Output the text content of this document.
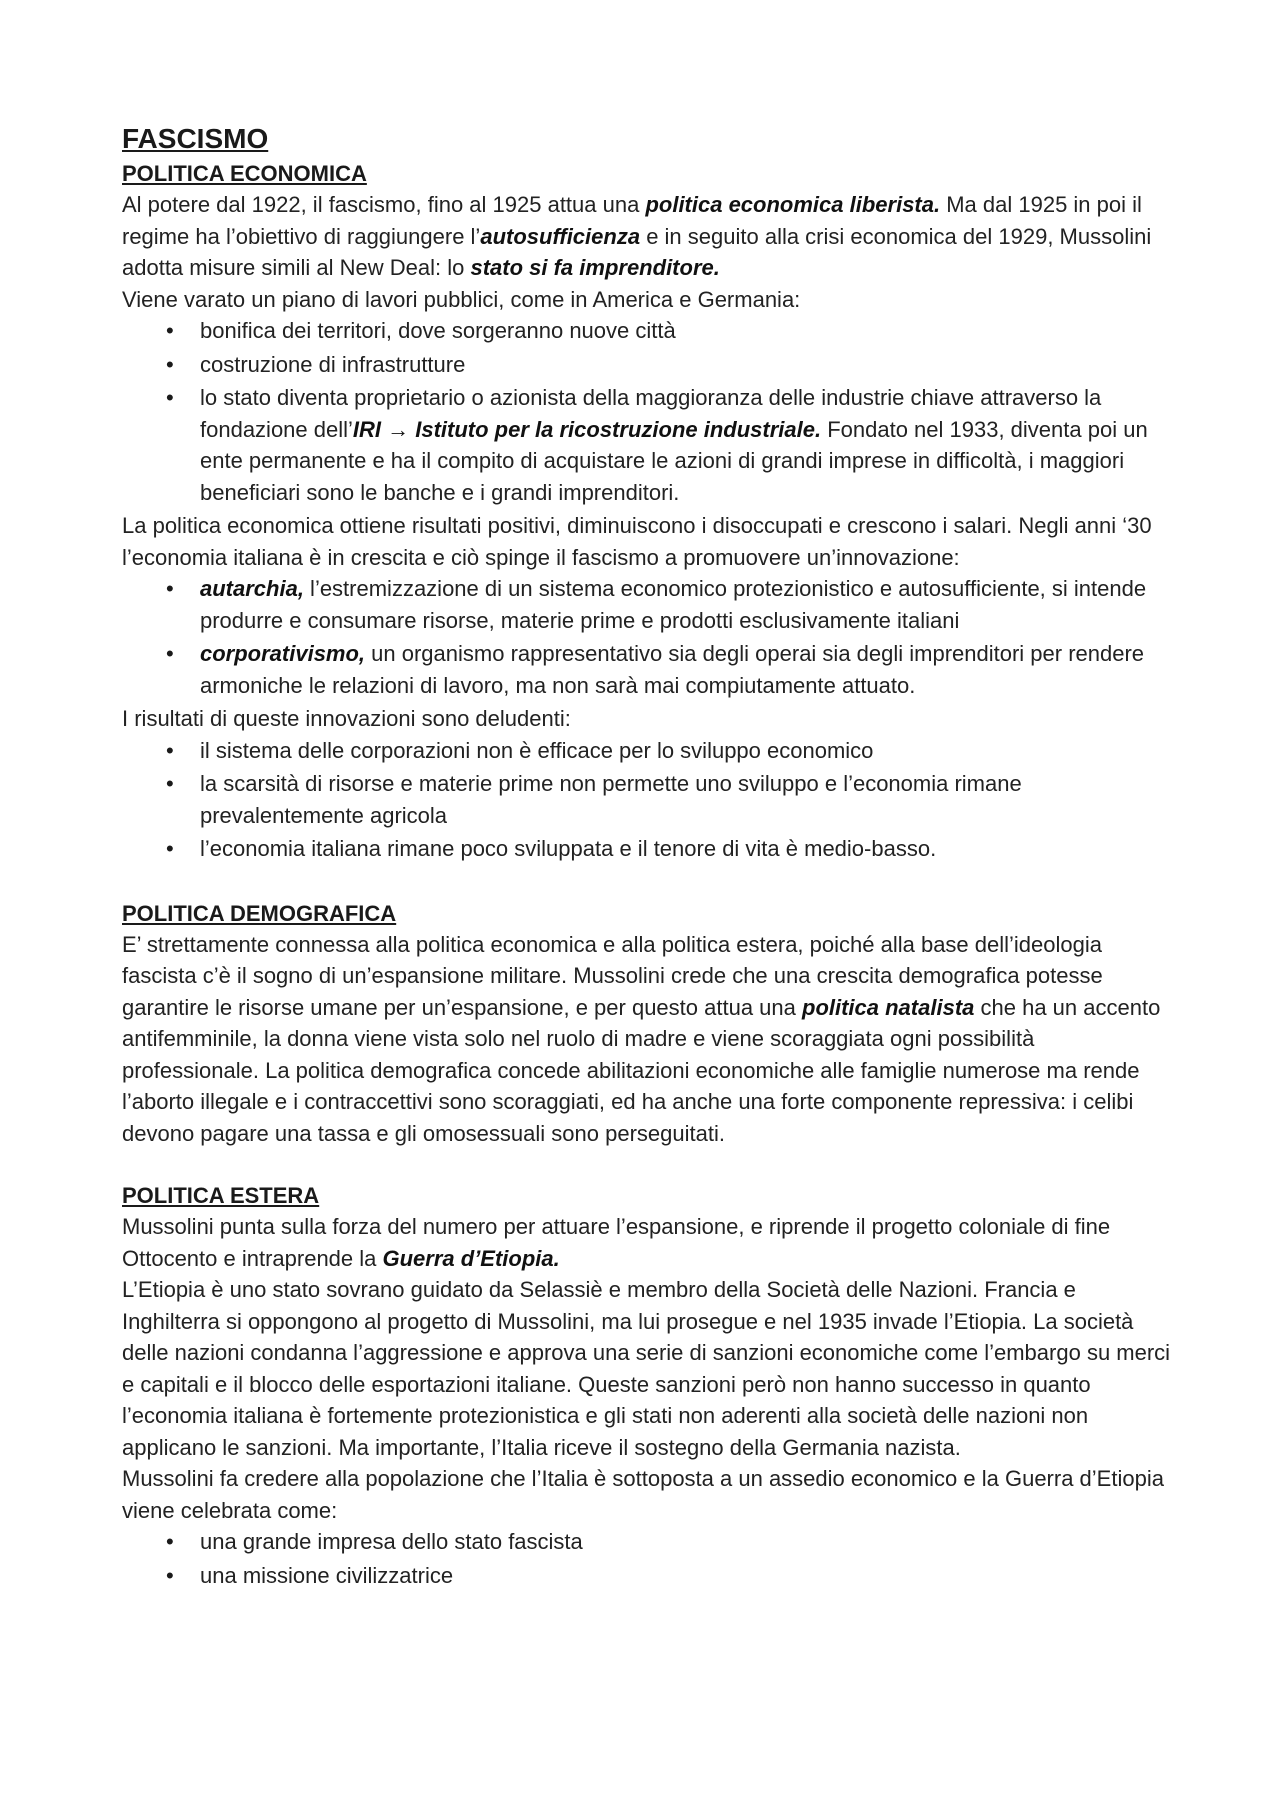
FASCISMO
POLITICA ECONOMICA

Al potere dal 1922, il fascismo, fino al 1925 attua una politica economica liberista. Ma dal 1925 in poi il regime ha l’obiettivo di raggiungere l’autosufficienza e in seguito alla crisi economica del 1929, Mussolini adotta misure simili al New Deal: lo stato si fa imprenditore.

Viene varato un piano di lavori pubblici, come in America e Germania:

• bonifica dei territori, dove sorgeranno nuove città
• costruzione di infrastrutture
• lo stato diventa proprietario o azionista della maggioranza delle industrie chiave attraverso la fondazione dell’IRI → Istituto per la ricostruzione industriale. Fondato nel 1933, diventa poi un ente permanente e ha il compito di acquistare le azioni di grandi imprese in difficoltà, i maggiori beneficiari sono le banche e i grandi imprenditori.

La politica economica ottiene risultati positivi, diminuiscono i disoccupati e crescono i salari. Negli anni ‘30 l’economia italiana è in crescita e ciò spinge il fascismo a promuovere un’innovazione:

• autarchia, l’estremizzazione di un sistema economico protezionistico e autosufficiente, si intende produrre e consumare risorse, materie prime e prodotti esclusivamente italiani
• corporativismo, un organismo rappresentativo sia degli operai sia degli imprenditori per rendere armoniche le relazioni di lavoro, ma non sarà mai compiutamente attuato.

I risultati di queste innovazioni sono deludenti:

• il sistema delle corporazioni non è efficace per lo sviluppo economico
• la scarsità di risorse e materie prime non permette uno sviluppo e l’economia rimane prevalentemente agricola
• l’economia italiana rimane poco sviluppata e il tenore di vita è medio-basso.
POLITICA DEMOGRAFICA

E’ strettamente connessa alla politica economica e alla politica estera, poiché alla base dell’ideologia fascista c’è il sogno di un’espansione militare. Mussolini crede che una crescita demografica potesse garantire le risorse umane per un’espansione, e per questo attua una politica natalista che ha un accento antifemminile, la donna viene vista solo nel ruolo di madre e viene scoraggiata ogni possibilità professionale. La politica demografica concede abilitazioni economiche alle famiglie numerose ma rende l’aborto illegale e i contraccettivi sono scoraggiati, ed ha anche una forte componente repressiva: i celibi devono pagare una tassa e gli omosessuali sono perseguitati.

POLITICA ESTERA

Mussolini punta sulla forza del numero per attuare l’espansione, e riprende il progetto coloniale di fine Ottocento e intraprende la Guerra d’Etiopia.

L’Etiopia è uno stato sovrano guidato da Selassiè e membro della Società delle Nazioni. Francia e Inghilterra si oppongono al progetto di Mussolini, ma lui prosegue e nel 1935 invade l’Etiopia. La società delle nazioni condanna l’aggressione e approva una serie di sanzioni economiche come l’embargo su merci e capitali e il blocco delle esportazioni italiane. Queste sanzioni però non hanno successo in quanto l’economia italiana è fortemente protezionistica e gli stati non aderenti alla società delle nazioni non applicano le sanzioni. Ma importante, l’Italia riceve il sostegno della Germania nazista.

Mussolini fa credere alla popolazione che l’Italia è sottoposta a un assedio economico e la Guerra d’Etiopia viene celebrata come:

• una grande impresa dello stato fascista
• una missione civilizzatrice
